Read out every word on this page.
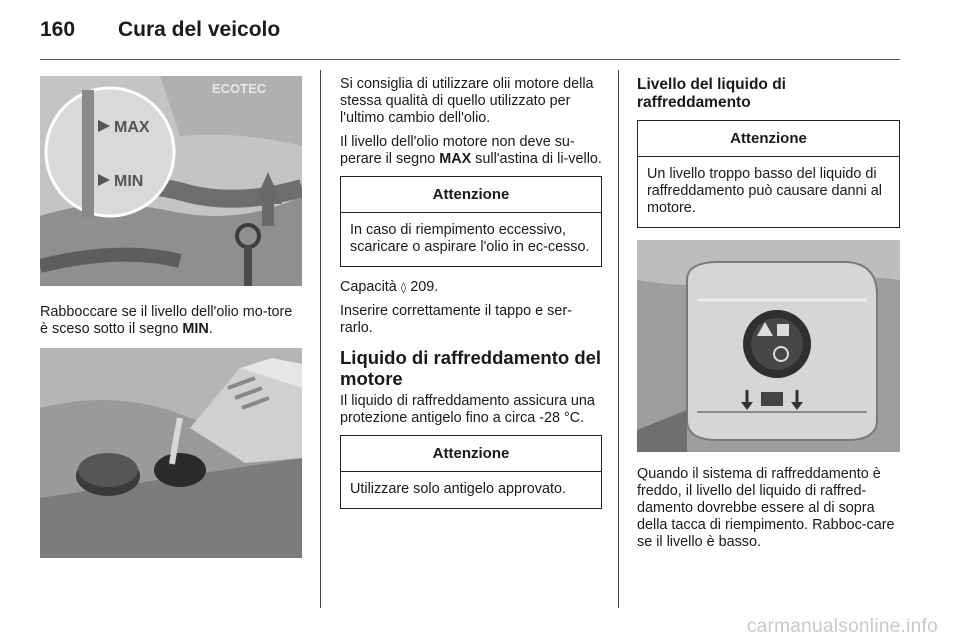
160 Cura del veicolo
ECOTEC
MAX
MIN

Rabboccare se il livello dell'olio mo-tore è sceso sotto il segno MIN.

Si consiglia di utilizzare olii motore della stessa qualità di quello utilizzato per l'ultimo cambio dell'olio.

Il livello dell'olio motore non deve su-perare il segno MAX sull'astina di li-vello.

Attenzione
In caso di riempimento eccessivo, scaricare o aspirare l'olio in ec-cesso.

Capacità ◊ 209.

Inserire correttamente il tappo e ser-rarlo.

Liquido di raffreddamento del motore

Il liquido di raffreddamento assicura una protezione antigelo fino a circa -28 °C.

Attenzione
Utilizzare solo antigelo approvato.
Livello del liquido di raffreddamento
Attenzione
Un livello troppo basso del liquido di raffreddamento può causare danni al motore.

Quando il sistema di raffreddamento è freddo, il livello del liquido di raffred-damento dovrebbe essere al di sopra della tacca di riempimento. Rabboc-care se il livello è basso.

carmanualsonline.info
